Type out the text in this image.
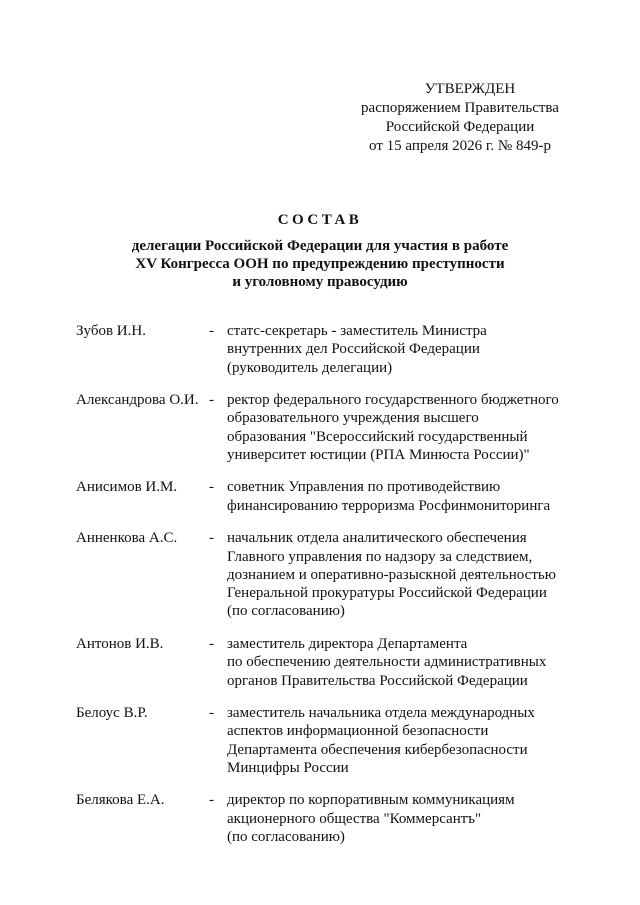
УТВЕРЖДЕН
распоряжением Правительства
Российской Федерации
от 15 апреля 2026 г. № 849-р
СОСТАВ
делегации Российской Федерации для участия в работе
XV Конгресса ООН по предупреждению преступности
и уголовному правосудию
Зубов И.Н.	- статс-секретарь - заместитель Министра
внутренних дел Российской Федерации
(руководитель делегации)
Александрова О.И. - ректор федерального государственного бюджетного
образовательного учреждения высшего
образования "Всероссийский государственный
университет юстиции (РПА Минюста России)"
Анисимов И.М.	- советник Управления по противодействию
финансированию терроризма Росфинмониторинга
Анненкова А.С.	- начальник отдела аналитического обеспечения
Главного управления по надзору за следствием,
дознанием и оперативно-разыскной деятельностью
Генеральной прокуратуры Российской Федерации
(по согласованию)
Антонов И.В.	- заместитель директора Департамента
по обеспечению деятельности административных
органов Правительства Российской Федерации
Белоус В.Р.	- заместитель начальника отдела международных
аспектов информационной безопасности
Департамента обеспечения кибербезопасности
Минцифры России
Белякова Е.А.	- директор по корпоративным коммуникациям
акционерного общества "Коммерсантъ"
(по согласованию)
